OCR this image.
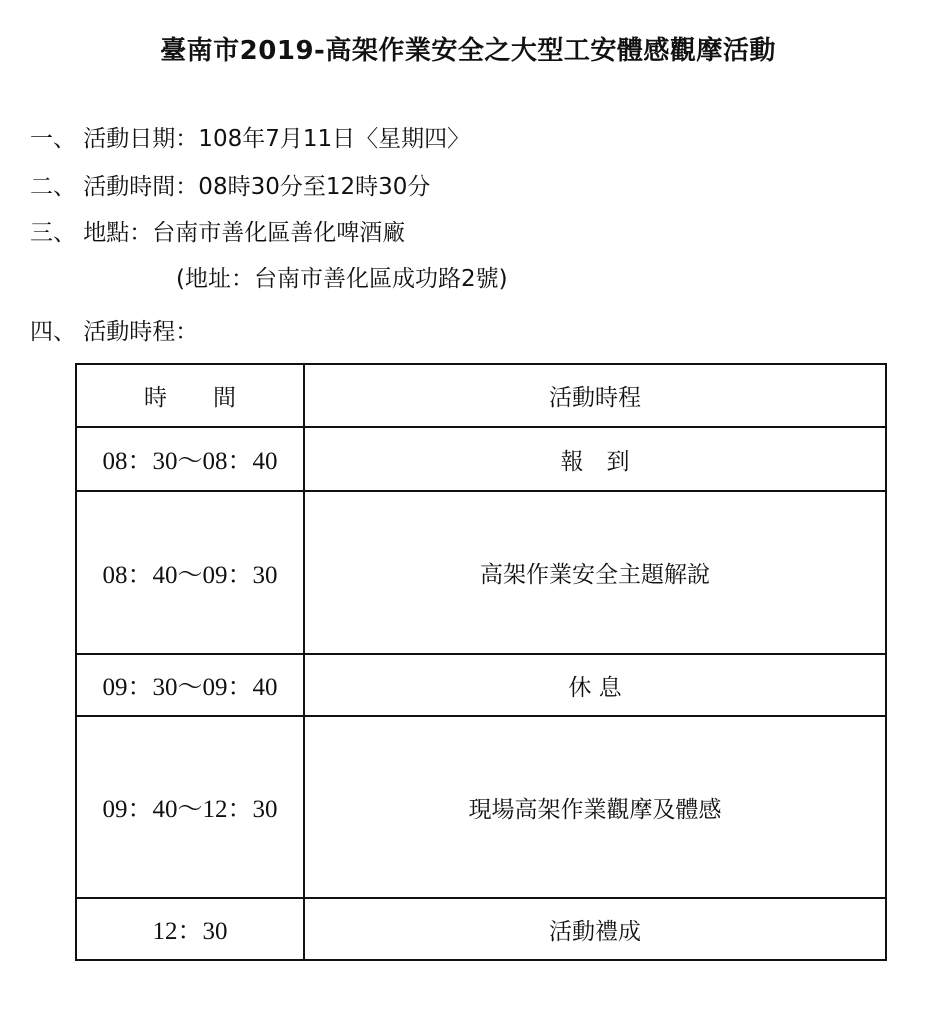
臺南市2019-高架作業安全之大型工安體感觀摩活動
一、 活動日期：108年7月11日〈星期四〉
二、 活動時間：08時30分至12時30分
三、 地點：台南市善化區善化啤酒廠
(地址：台南市善化區成功路2號)
四、 活動時程：
時　　間	活動時程
08：30～08：40	報　到
08：40～09：30	高架作業安全主題解說
09：30～09：40	休 息
09：40～12：30	現場高架作業觀摩及體感
12：30	活動禮成
